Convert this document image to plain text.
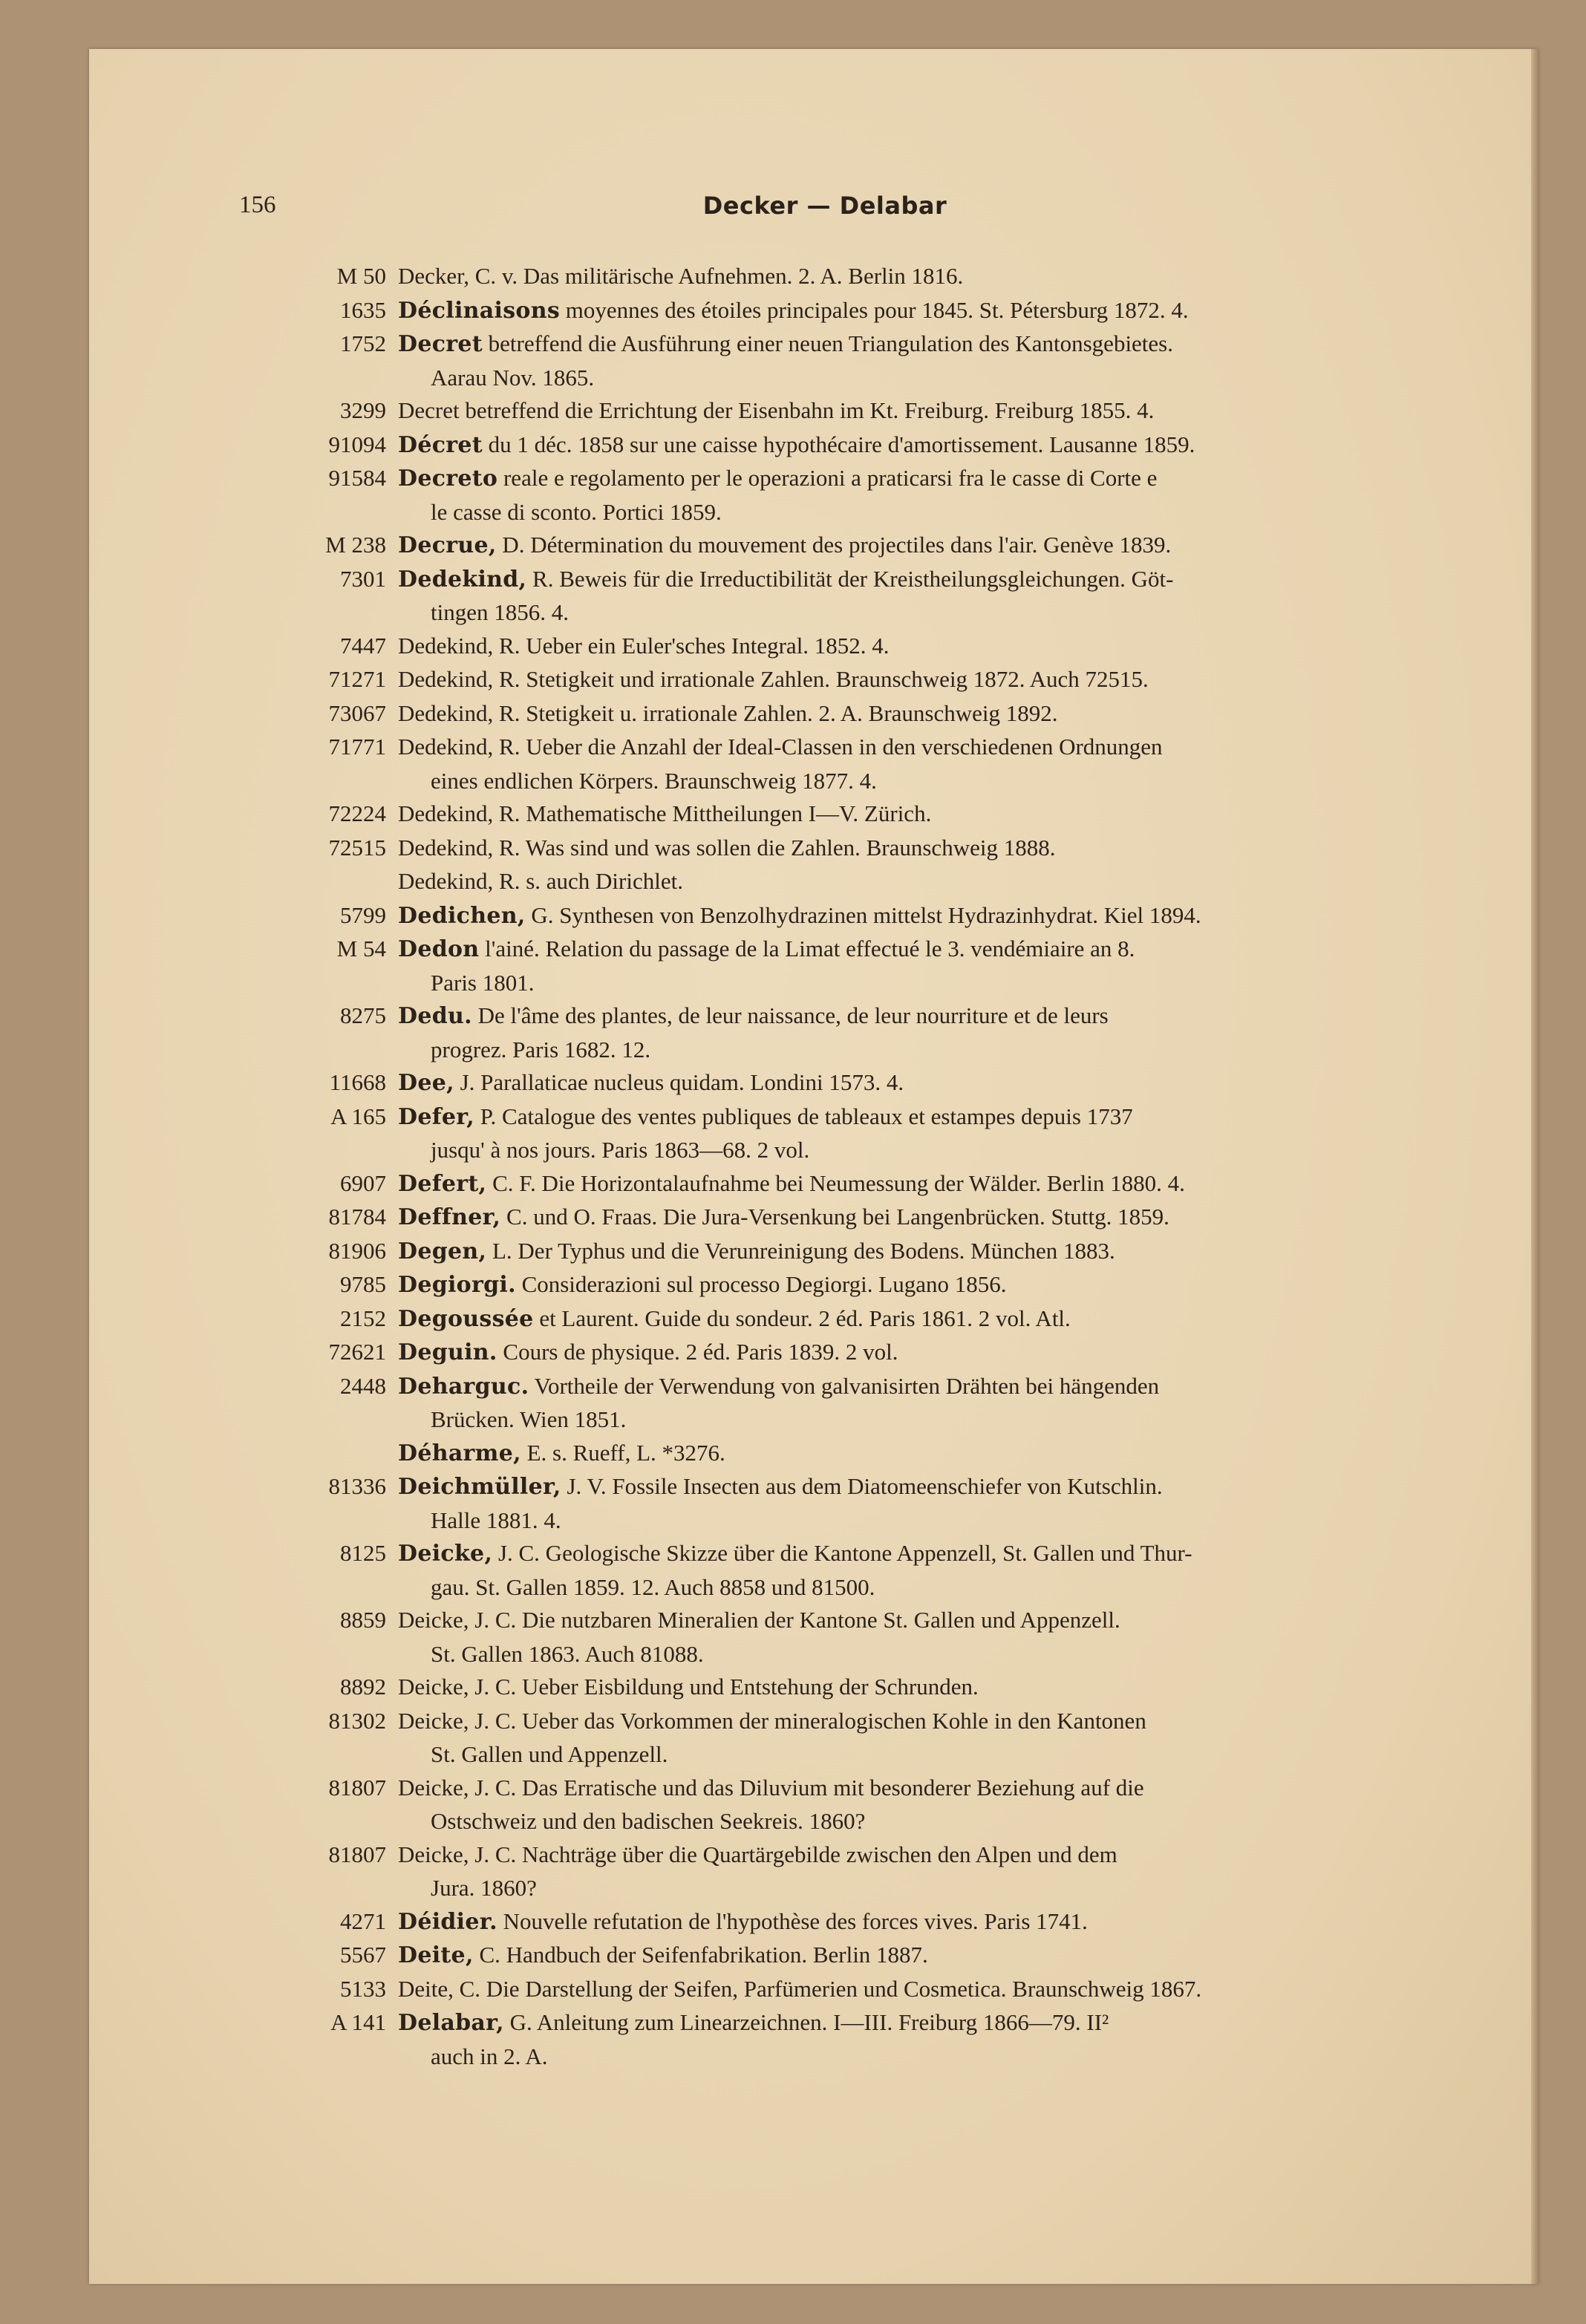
156	Decker — Delabar
M 50 Decker, C. v. Das militärische Aufnehmen. 2. A. Berlin 1816.
1635 Déclinaisons moyennes des étoiles principales pour 1845. St. Pétersburg 1872. 4.
1752 Decret betreffend die Ausführung einer neuen Triangulation des Kantonsgebietes.
Aarau Nov. 1865.
3299 Decret betreffend die Errichtung der Eisenbahn im Kt. Freiburg. Freiburg 1855. 4.
91094 Décret du 1 déc. 1858 sur une caisse hypothécaire d'amortissement. Lausanne 1859.
91584 Decreto reale e regolamento per le operazioni a praticarsi fra le casse di Corte e
le casse di sconto. Portici 1859.
M 238 Decrue, D. Détermination du mouvement des projectiles dans l'air. Genève 1839.
7301 Dedekind, R. Beweis für die Irreductibilität der Kreistheilungsgleichungen. Göt-
tingen 1856. 4.
7447 Dedekind, R. Ueber ein Euler'sches Integral. 1852. 4.
71271 Dedekind, R. Stetigkeit und irrationale Zahlen. Braunschweig 1872. Auch 72515.
73067 Dedekind, R. Stetigkeit u. irrationale Zahlen. 2. A. Braunschweig 1892.
71771 Dedekind, R. Ueber die Anzahl der Ideal-Classen in den verschiedenen Ordnungen
eines endlichen Körpers. Braunschweig 1877. 4.
72224 Dedekind, R. Mathematische Mittheilungen I—V. Zürich.
72515 Dedekind, R. Was sind und was sollen die Zahlen. Braunschweig 1888.
Dedekind, R. s. auch Dirichlet.
5799 Dedichen, G. Synthesen von Benzolhydrazinen mittelst Hydrazinhydrat. Kiel 1894.
M 54 Dedon l'ainé. Relation du passage de la Limat effectué le 3. vendémiaire an 8.
Paris 1801.
8275 Dedu. De l'âme des plantes, de leur naissance, de leur nourriture et de leurs
progrez. Paris 1682. 12.
11668 Dee, J. Parallaticae nucleus quidam. Londini 1573. 4.
A 165 Defer, P. Catalogue des ventes publiques de tableaux et estampes depuis 1737
jusqu' à nos jours. Paris 1863—68. 2 vol.
6907 Defert, C. F. Die Horizontalaufnahme bei Neumessung der Wälder. Berlin 1880. 4.
81784 Deffner, C. und O. Fraas. Die Jura-Versenkung bei Langenbrücken. Stuttg. 1859.
81906 Degen, L. Der Typhus und die Verunreinigung des Bodens. München 1883.
9785 Degiorgi. Considerazioni sul processo Degiorgi. Lugano 1856.
2152 Degoussée et Laurent. Guide du sondeur. 2 éd. Paris 1861. 2 vol. Atl.
72621 Deguin. Cours de physique. 2 éd. Paris 1839. 2 vol.
2448 Deharguc. Vortheile der Verwendung von galvanisirten Drähten bei hängenden
Brücken. Wien 1851.
Déharme, E. s. Rueff, L. *3276.
81336 Deichmüller, J. V. Fossile Insecten aus dem Diatomeenschiefer von Kutschlin.
Halle 1881. 4.
8125 Deicke, J. C. Geologische Skizze über die Kantone Appenzell, St. Gallen und Thur-
gau. St. Gallen 1859. 12. Auch 8858 und 81500.
8859 Deicke, J. C. Die nutzbaren Mineralien der Kantone St. Gallen und Appenzell.
St. Gallen 1863. Auch 81088.
8892 Deicke, J. C. Ueber Eisbildung und Entstehung der Schrunden.
81302 Deicke, J. C. Ueber das Vorkommen der mineralogischen Kohle in den Kantonen
St. Gallen und Appenzell.
81807 Deicke, J. C. Das Erratische und das Diluvium mit besonderer Beziehung auf die
Ostschweiz und den badischen Seekreis. 1860?
81807 Deicke, J. C. Nachträge über die Quartärgebilde zwischen den Alpen und dem
Jura. 1860?
4271 Déidier. Nouvelle refutation de l'hypothèse des forces vives. Paris 1741.
5567 Deite, C. Handbuch der Seifenfabrikation. Berlin 1887.
5133 Deite, C. Die Darstellung der Seifen, Parfümerien und Cosmetica. Braunschweig 1867.
A 141 Delabar, G. Anleitung zum Linearzeichnen. I—III. Freiburg 1866—79. II²
auch in 2. A.
